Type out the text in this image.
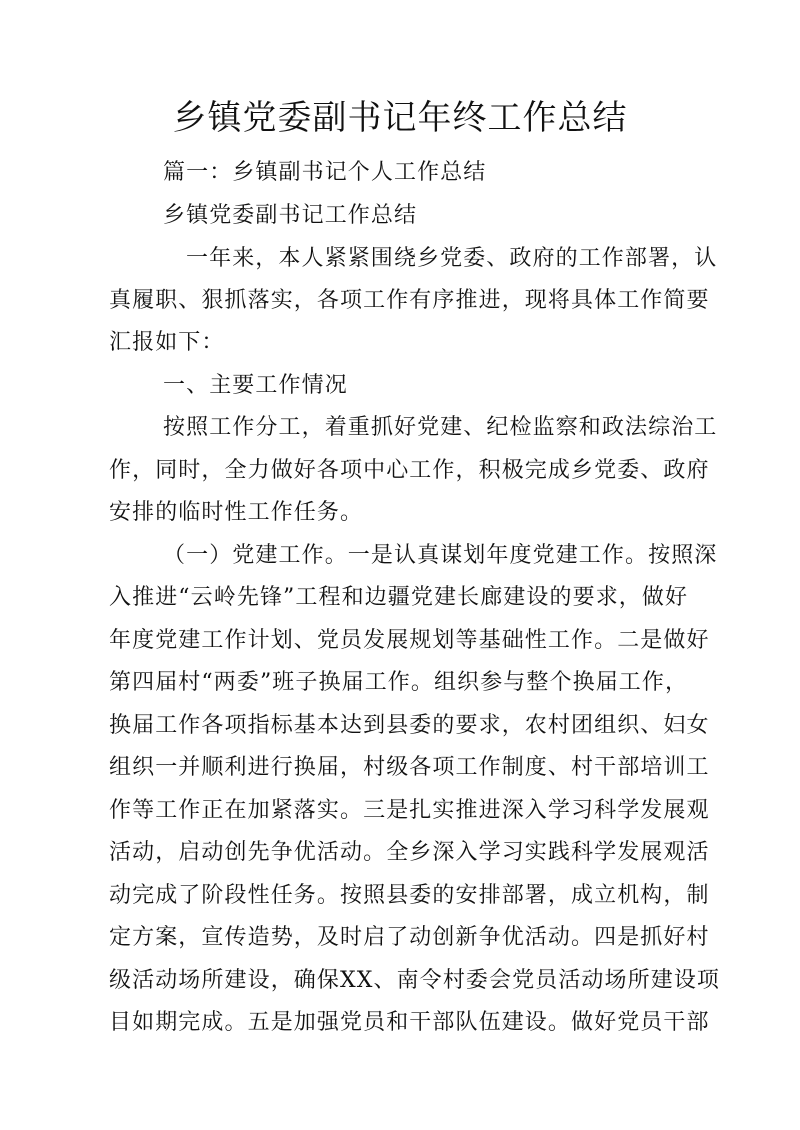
乡镇党委副书记年终工作总结
篇一：乡镇副书记个人工作总结
乡镇党委副书记工作总结
一年来，本人紧紧围绕乡党委、政府的工作部署，认
真履职、狠抓落实，各项工作有序推进，现将具体工作简要
汇报如下：
一、主要工作情况
按照工作分工，着重抓好党建、纪检监察和政法综治工
作，同时，全力做好各项中心工作，积极完成乡党委、政府
安排的临时性工作任务。
（一）党建工作。一是认真谋划年度党建工作。按照深
入推进“云岭先锋”工程和边疆党建长廊建设的要求，做好
年度党建工作计划、党员发展规划等基础性工作。二是做好
第四届村“两委”班子换届工作。组织参与整个换届工作，
换届工作各项指标基本达到县委的要求，农村团组织、妇女
组织一并顺利进行换届，村级各项工作制度、村干部培训工
作等工作正在加紧落实。三是扎实推进深入学习科学发展观
活动，启动创先争优活动。全乡深入学习实践科学发展观活
动完成了阶段性任务。按照县委的安排部署，成立机构，制
定方案，宣传造势，及时启了动创新争优活动。四是抓好村
级活动场所建设，确保XX、南令村委会党员活动场所建设项
目如期完成。五是加强党员和干部队伍建设。做好党员干部
